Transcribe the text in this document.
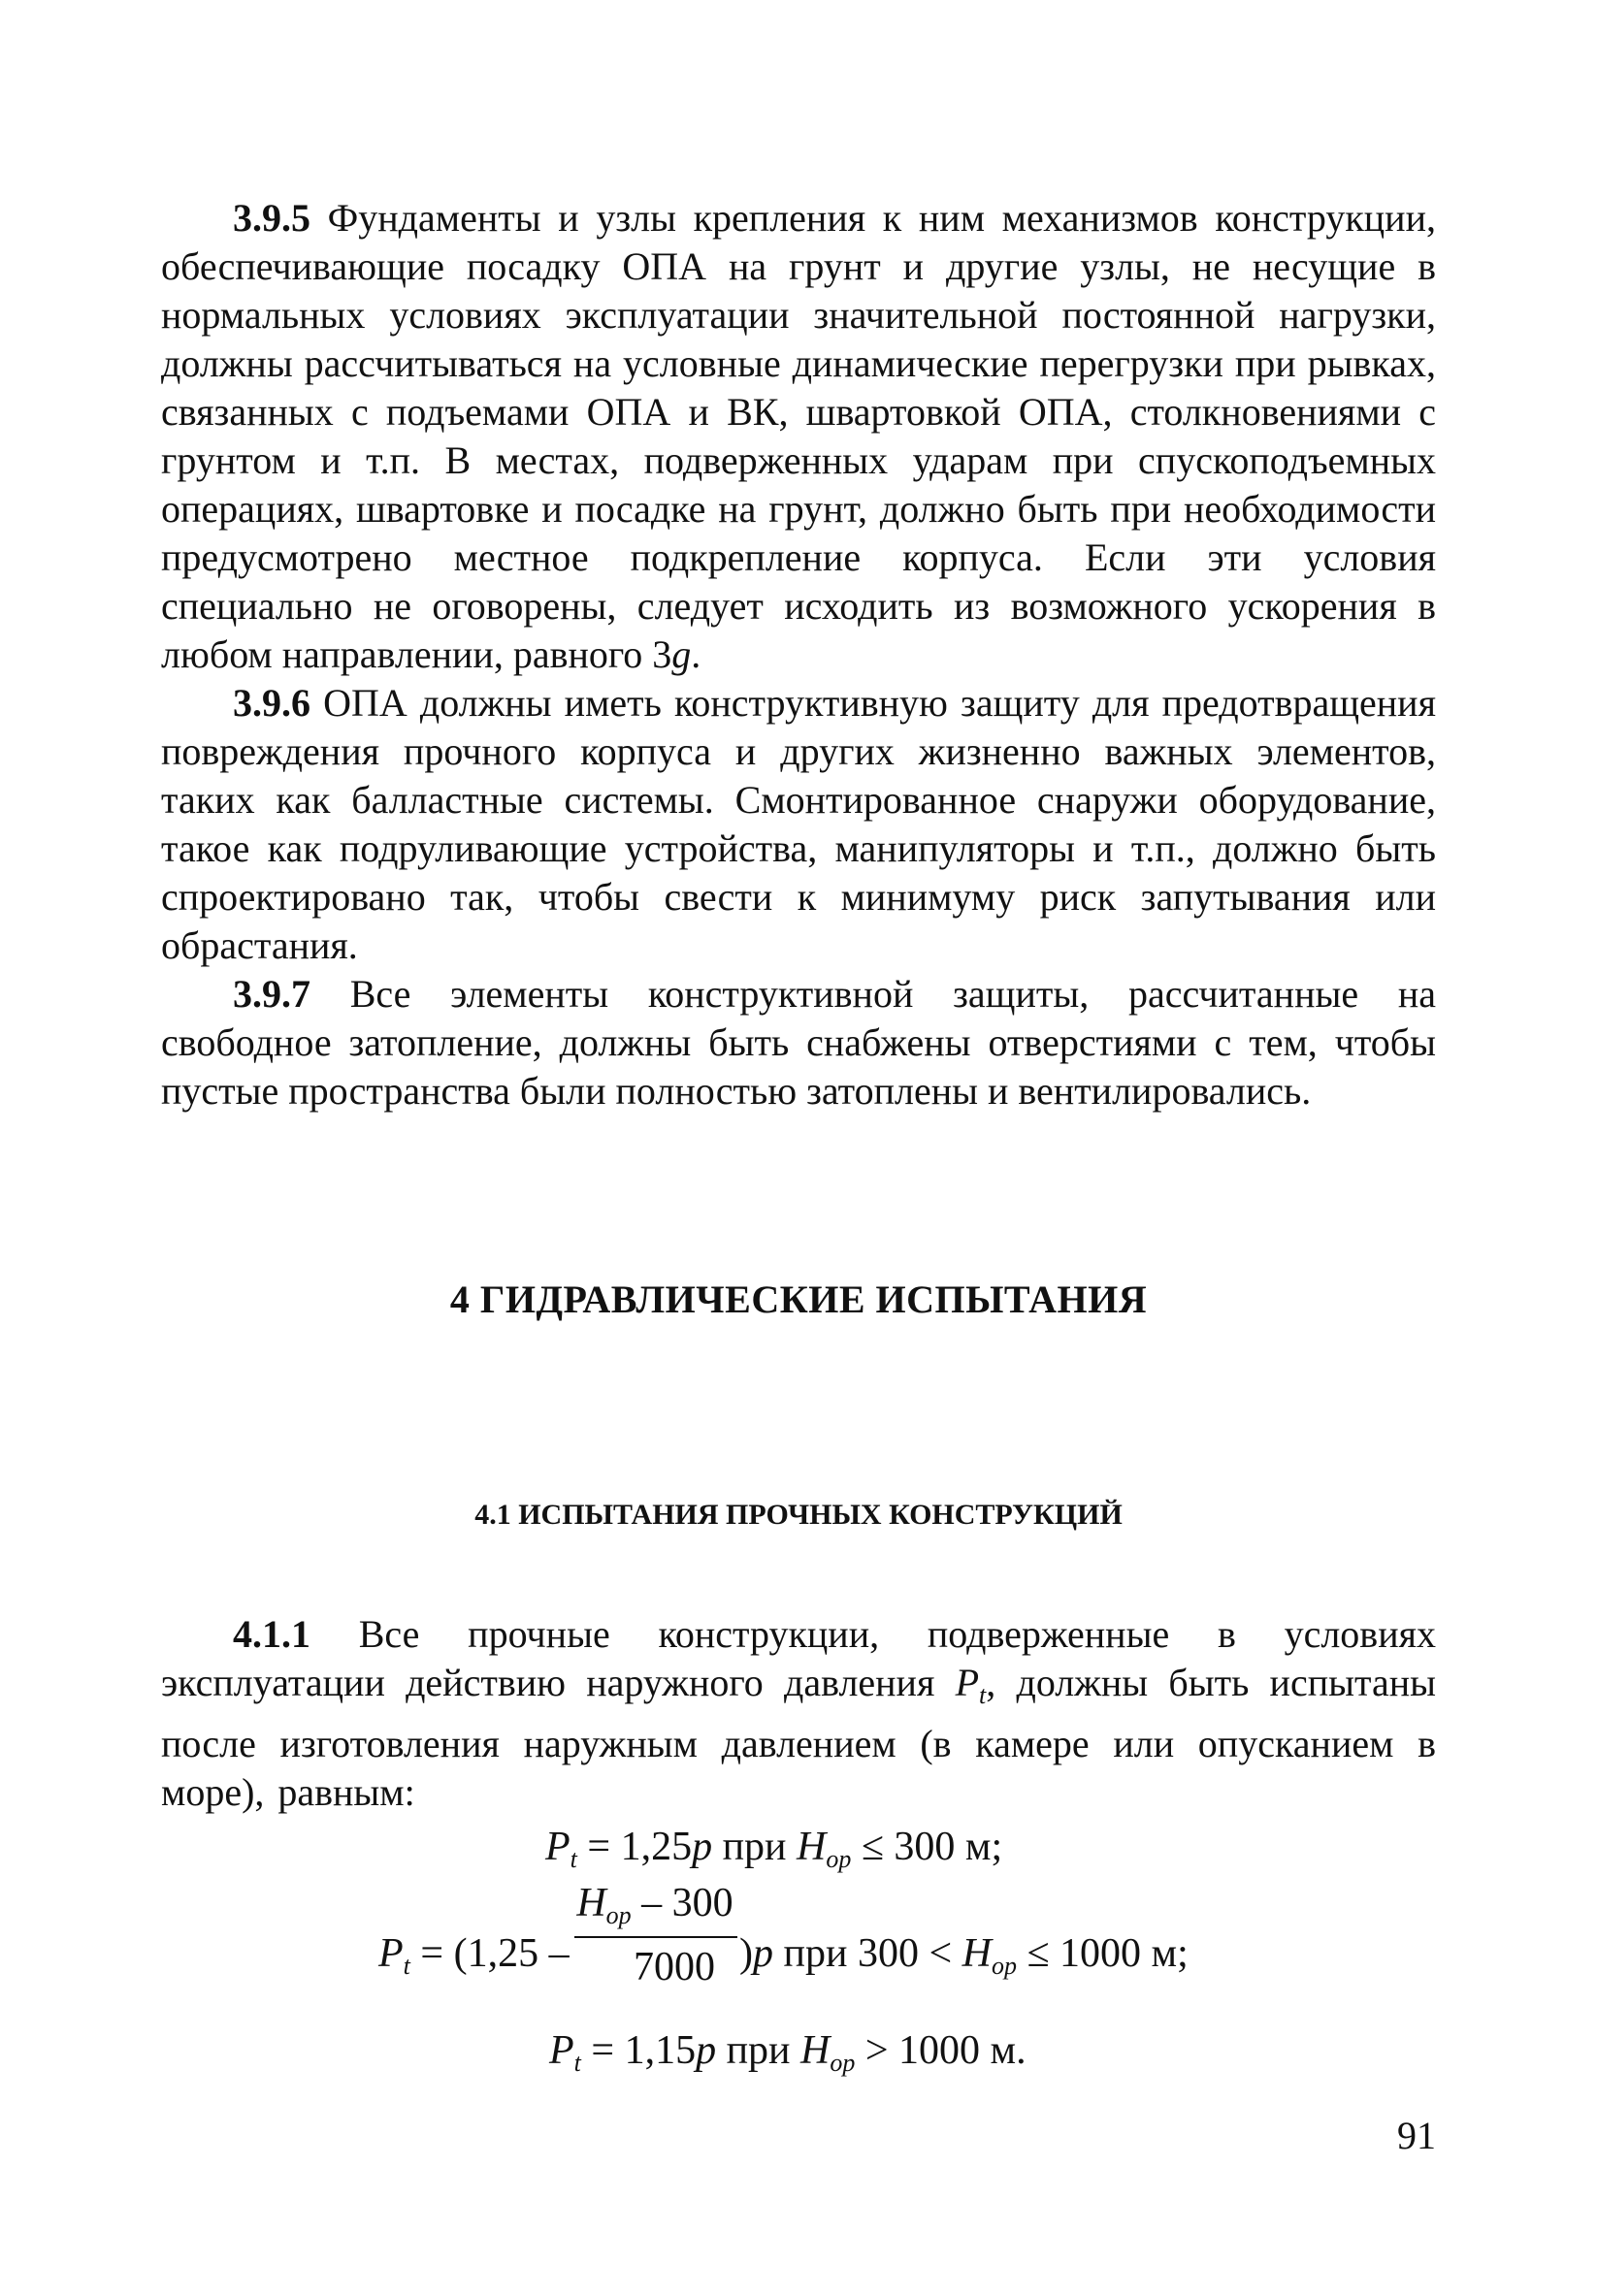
3.9.5 Фундаменты и узлы крепления к ним механизмов конструкции, обеспечивающие посадку ОПА на грунт и другие узлы, не несущие в нормальных условиях эксплуатации значительной постоянной нагрузки, должны рассчитываться на условные динамические перегрузки при рывках, связанных с подъемами ОПА и ВК, швартовкой ОПА, столкновениями с грунтом и т.п. В местах, подверженных ударам при спускоподъемных операциях, швартовке и посадке на грунт, должно быть при необходимости предусмотрено местное подкрепление корпуса. Если эти условия специально не оговорены, следует исходить из возможного ускорения в любом направлении, равного 3g.

3.9.6 ОПА должны иметь конструктивную защиту для предотвращения повреждения прочного корпуса и других жизненно важных элементов, таких как балластные системы. Смонтированное снаружи оборудование, такое как подруливающие устройства, манипуляторы и т.п., должно быть спроектировано так, чтобы свести к минимуму риск запутывания или обрастания.

3.9.7 Все элементы конструктивной защиты, рассчитанные на свободное затопление, должны быть снабжены отверстиями с тем, чтобы пустые пространства были полностью затоплены и вентилировались.

4 ГИДРАВЛИЧЕСКИЕ ИСПЫТАНИЯ
4.1 ИСПЫТАНИЯ ПРОЧНЫХ КОНСТРУКЦИЙ

4.1.1 Все прочные конструкции, подверженные в условиях эксплуатации действию наружного давления $P_t$, должны быть испытаны после изготовления наружным давлением (в камере или опусканием в море), равным:

$P_t = 1,25p$ при $H_{op} \le 300$ м;
$P_t = (1,25$ –
$H_{op} - 300$
7000 )p при $300 < H_{op} \le 1000$ м;
$P_t = 1,15p$ при $H_{op} > 1000$ м.
91
